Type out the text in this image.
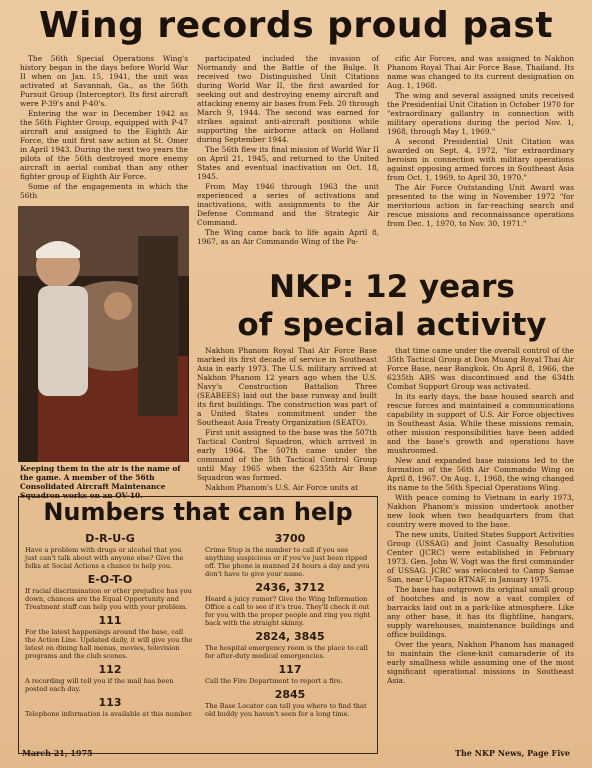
Wing records proud past

The 56th Special Operations Wing's history began in the days before World War II when on Jan. 15, 1941, the unit was activated at Savannah, Ga., as the 56th Pursuit Group (Interceptor). Its first aircraft were P-39's and P-40's.

Entering the war in December 1942 as the 56th Fighter Group, equipped with P-47 aircraft and assigned to the Eighth Air Force, the unit first saw action at St. Omer in April 1943. During the next two years the pilots of the 56th destroyed more enemy aircraft in aerial combat than any other fighter group of Eighth Air Force.

Some of the engagements in which the 56th

participated included the invasion of Normandy and the Battle of the Bulge. It received two Distinguished Unit Citations during World War II, the first awarded for seeking out and destroying enemy aircraft and attacking enemy air bases from Feb. 20 through March 9, 1944. The second was earned for strikes against anti-aircraft positions while supporting the airborne attack on Holland during September 1944.

The 56th flew its final mission of World War II on April 21, 1945, and returned to the United States and eventual inactivation on Oct. 18, 1945.

From May 1946 through 1963 the unit experienced a series of activations and inactivations, with assignments to the Air Defense Command and the Strategic Air Command.

The Wing came back to life again April 8, 1967, as an Air Commando Wing of the Pa-

cific Air Forces, and was assigned to Nakhon Phanom Royal Thai Air Force Base, Thailand. Its name was changed to its current designation on Aug. 1, 1968.

The wing and several assigned units received the Presidential Unit Citation in October 1970 for "extraordinary gallantry in connection with military operations during the period Nov. 1, 1968, through May 1, 1969."

A second Presidential Unit Citation was awarded on Sept. 4, 1972, "for extraordinary heroism in connection with military operations against opposing armed forces in Southeast Asia from Oct. 1, 1969, to April 30, 1970."

The Air Force Outstanding Unit Award was presented to the wing in November 1972 "for meritorious action in far-reaching search and rescue missions and reconnaissance operations from Dec. 1, 1970, to Nov. 30, 1971."

Keeping them in the air is the name of the game. A member of the 56th Consolidated Aircraft Maintenance Squadron works on an OV-10.
NKP: 12 years
of special activity

Nakhon Phanom Royal Thai Air Force Base marked its first decade of service in Southeast Asia in early 1973. The U.S. military arrived at Nakhon Phanom 12 years ago when the U.S. Navy's Construction Battalion Three (SEABEES) laid out the base runway and built its first buildings. The construction was part of a United States commitment under the Southeast Asia Treaty Organization (SEATO).

First unit assigned to the base was the 507th Tactical Control Squadron, which arrived in early 1964. The 507th came under the command of the 5th Tactical Control Group until May 1965 when the 6235th Air Base Squadron was formed.

Nakhon Phanom's U.S. Air Force units at

that time came under the overall control of the 35th Tactical Group at Don Muang Royal Thai Air Force Base, near Bangkok. On April 8, 1966, the 6235th ABS was discontinued and the 634th Combat Support Group was activated.

In its early days, the base housed search and rescue forces and maintained a communications capability in support of U.S. Air Force objectives in Southeast Asia. While these missions remain, other mission responsibilities have been added and the base's growth and operations have mushroomed.

New and expanded base missions led to the formation of the 56th Air Commando Wing on April 8, 1967. On Aug. 1, 1968, the wing changed its name to the 56th Special Operations Wing.

With peace coming to Vietnam in early 1973, Nakhon Phanom's mission undertook another new look when two headquarters from that country were moved to the base.

The new units, United States Support Activities Group (USSAG) and Joint Casualty Resolution Center (JCRC) were established in February 1973. Gen. John W. Vogt was the first commander of USSAG. JCRC was relocated to Camp Samae San, near U-Tapao RTNAF, in January 1975.

The base has outgrown its original small group of hootches and is now a vast complex of barracks laid out in a park-like atmosphere. Like any other base, it has its flightline, hangars, supply warehouses, maintenance buildings and office buildings.

Over the years, Nakhon Phanom has managed to maintain the close-knit camaraderie of its early smallness while assuming one of the most significant operational missions in Southeast Asia.

Numbers that can help
D-R-U-G
Have a problem with drugs or alcohol that you just can't talk about with anyone else? Give the folks at Social Actions a chance to help you.
E-O-T-O
If racial discrimination or other prejudice has you down, chances are the Equal Opportunity and Treatment staff can help you with your problem.
111
For the latest happenings around the base, call the Action Line. Updated daily, it will give you the latest on dining hall menus, movies, television programs and the club scenes.
112
A recording will tell you if the mail has been posted each day.
113
Telephone information is available at this number.
3700
Crime Stop is the number to call if you see anything suspicious or if you've just been ripped off. The phone is manned 24 hours a day and you don't have to give your name.
2436, 3712
Heard a juicy rumor? Give the Wing Information Office a call to see if it's true. They'll check it out for you with the proper people and ring you right back with the straight skinny.
2824, 3845
The hospital emergency room is the place to call for after-duty medical emergencies.
117
Call the Fire Department to report a fire.
2845
The Base Locator can tell you where to find that old buddy you haven't seen for a long time.
March 21, 1975	The NKP News, Page Five
